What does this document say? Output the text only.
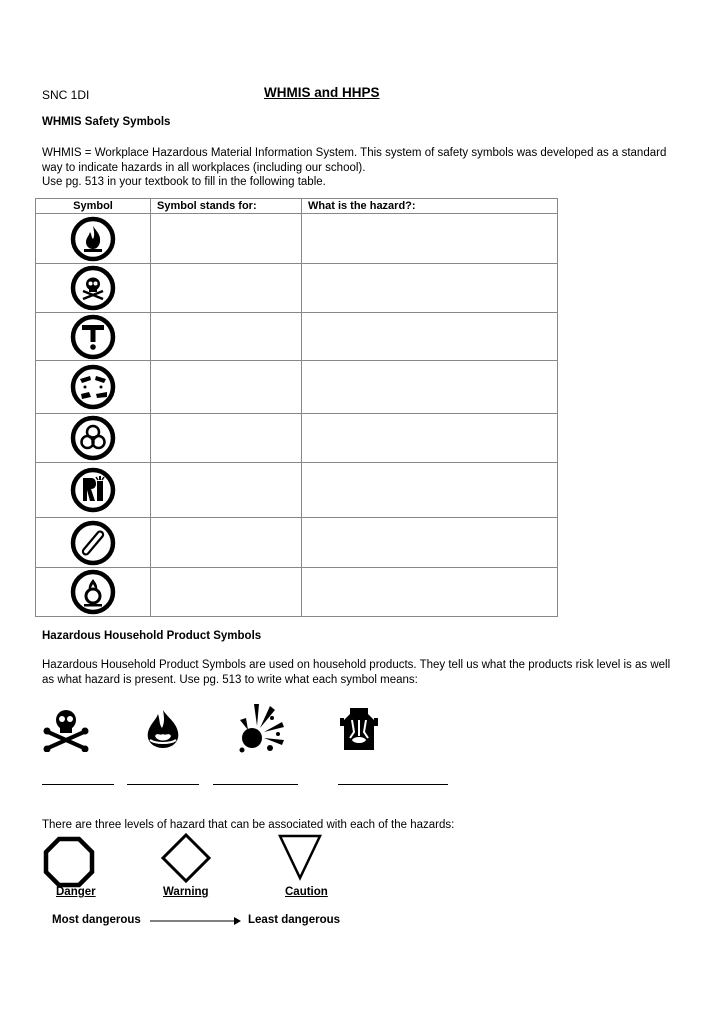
SNC 1DI	WHMIS and HHPS
WHMIS Safety Symbols
WHMIS = Workplace Hazardous Material Information System. This system of safety symbols was developed as a standard way to indicate hazards in all workplaces (including our school).
Use pg. 513 in your textbook to fill in the following table.
Symbol	Symbol stands for:	What is the hazard?:

Hazardous Household Product Symbols
Hazardous Household Product Symbols are used on household products. They tell us what the products risk level is as well as what hazard is present. Use pg. 513 to write what each symbol means:
There are three levels of hazard that can be associated with each of the hazards:
Danger	Warning	Caution
Most dangerous	Least dangerous
